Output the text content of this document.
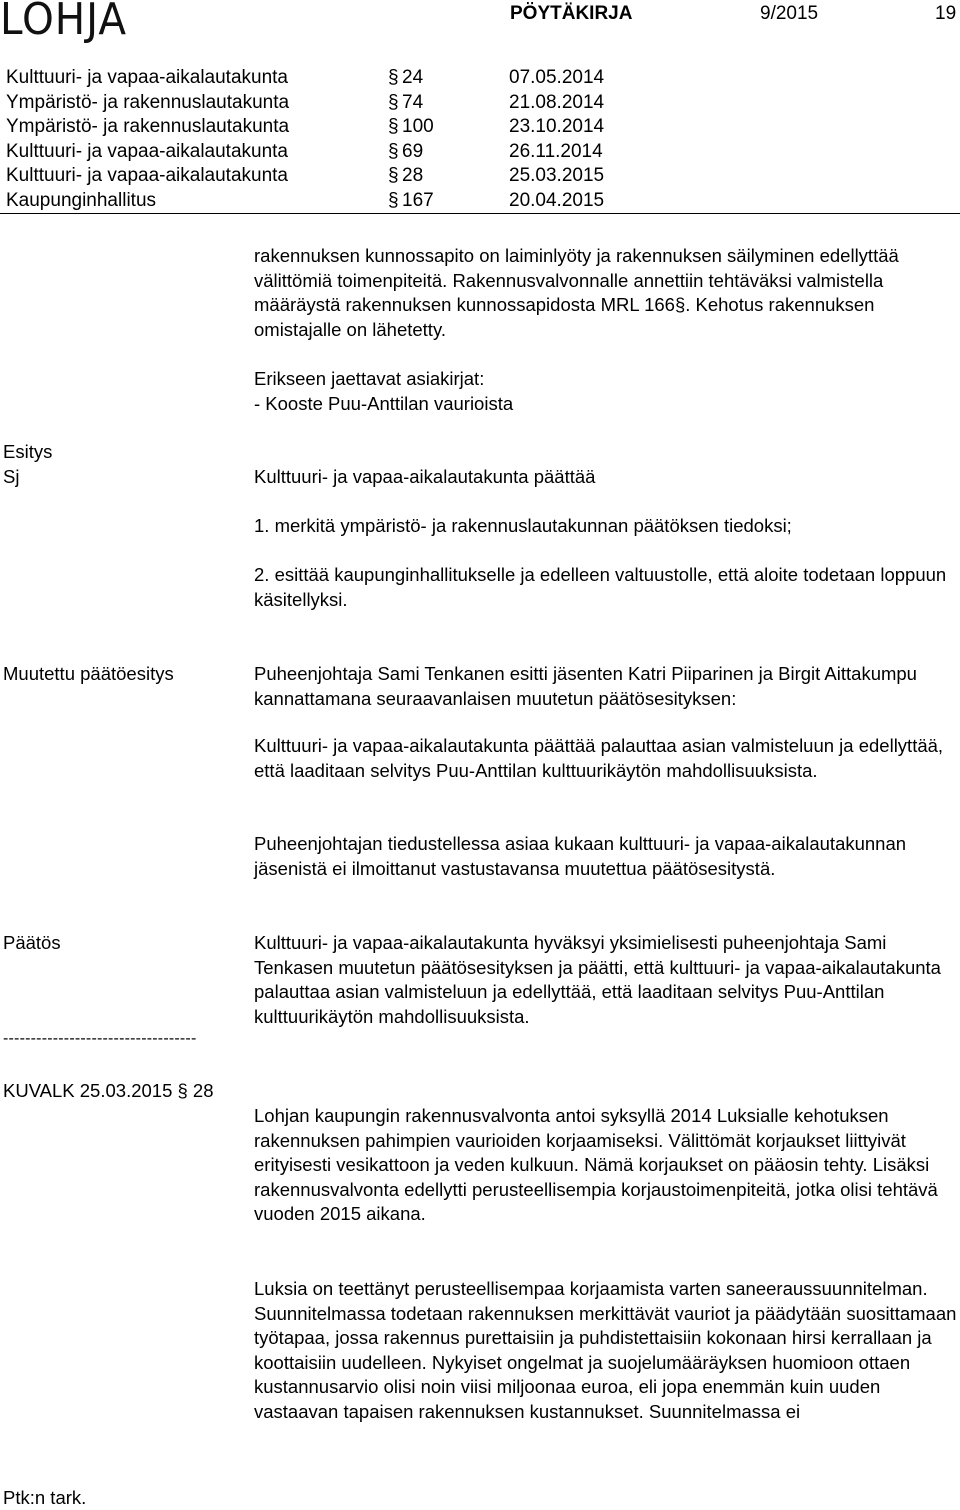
LOHJA	PÖYTÄKIRJA	9/2015	19
Kulttuuri- ja vapaa-aikalautakunta	§ 24	07.05.2014
Ympäristö- ja rakennuslautakunta	§ 74	21.08.2014
Ympäristö- ja rakennuslautakunta	§ 100	23.10.2014
Kulttuuri- ja vapaa-aikalautakunta	§ 69	26.11.2014
Kulttuuri- ja vapaa-aikalautakunta	§ 28	25.03.2015
Kaupunginhallitus	§ 167	20.04.2015

rakennuksen kunnossapito on laiminlyöty ja rakennuksen säilyminen edellyttää välittömiä toimenpiteitä. Rakennusvalvonnalle annettiin tehtäväksi valmistella määräystä rakennuksen kunnossapidosta MRL 166§. Kehotus rakennuksen omistajalle on lähetetty.

Erikseen jaettavat asiakirjat:

- Kooste Puu-Anttilan vaurioista

Esitys
Sj	Kulttuuri- ja vapaa-aikalautakunta päättää

1. merkitä ympäristö- ja rakennuslautakunnan päätöksen tiedoksi;

2. esittää kaupunginhallitukselle ja edelleen valtuustolle, että aloite todetaan loppuun käsitellyksi.

Muutettu päätöesitys	Puheenjohtaja Sami Tenkanen esitti jäsenten Katri Piiparinen ja Birgit Aittakumpu kannattamana seuraavanlaisen muutetun päätösesityksen:

Kulttuuri- ja vapaa-aikalautakunta päättää palauttaa asian valmisteluun ja edellyttää, että laaditaan selvitys Puu-Anttilan kulttuurikäytön mahdollisuuksista.

Puheenjohtajan tiedustellessa asiaa kukaan kulttuuri- ja vapaa-aikalautakunnan jäsenistä ei ilmoittanut vastustavansa muutettua päätösesitystä.

Päätös	Kulttuuri- ja vapaa-aikalautakunta hyväksyi yksimielisesti puheenjohtaja Sami Tenkasen muutetun päätösesityksen ja päätti, että kulttuuri- ja vapaa-aikalautakunta palauttaa asian valmisteluun ja edellyttää, että laaditaan selvitys Puu-Anttilan kulttuurikäytön mahdollisuuksista.

-----------------------------------
KUVALK 25.03.2015 § 28

Lohjan kaupungin rakennusvalvonta antoi syksyllä 2014 Luksialle kehotuksen rakennuksen pahimpien vaurioiden korjaamiseksi. Välittömät korjaukset liittyivät erityisesti vesikattoon ja veden kulkuun. Nämä korjaukset on pääosin tehty. Lisäksi rakennusvalvonta edellytti perusteellisempia korjaustoimenpiteitä, jotka olisi tehtävä vuoden 2015 aikana.

Luksia on teettänyt perusteellisempaa korjaamista varten saneeraussuunnitelman. Suunnitelmassa todetaan rakennuksen merkittävät vauriot ja päädytään suosittamaan työtapaa, jossa rakennus purettaisiin ja puhdistettaisiin kokonaan hirsi kerrallaan ja koottaisiin uudelleen. Nykyiset ongelmat ja suojelumääräyksen huomioon ottaen kustannusarvio olisi noin viisi miljoonaa euroa, eli jopa enemmän kuin uuden vastaavan tapaisen rakennuksen kustannukset. Suunnitelmassa ei

Ptk:n tark.
